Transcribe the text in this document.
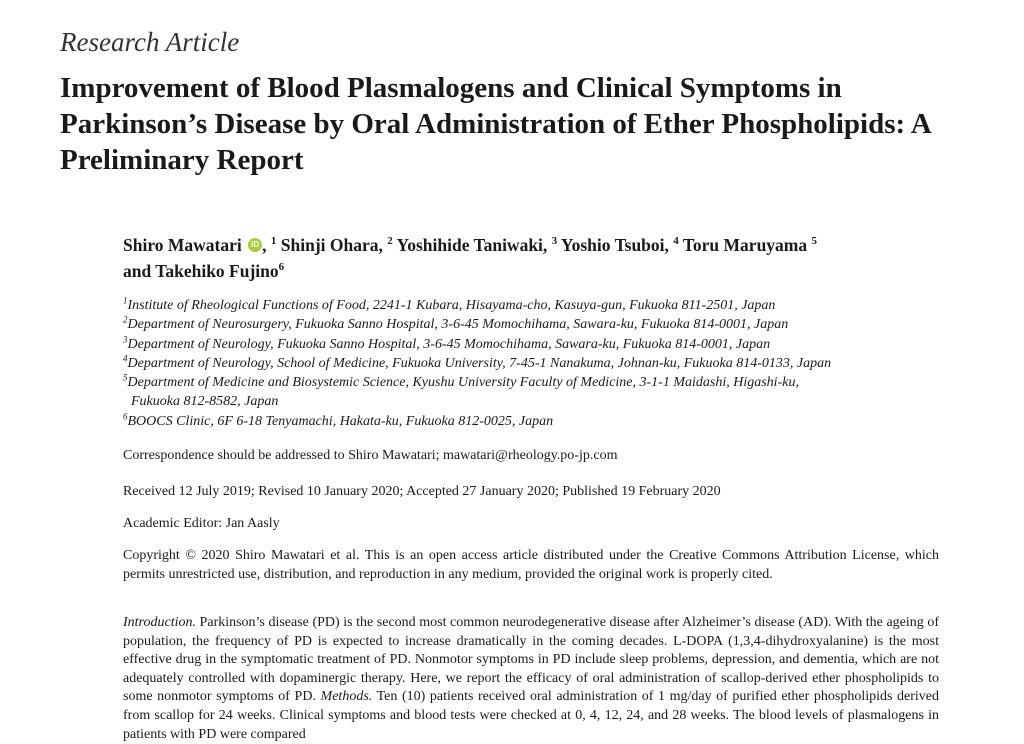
Research Article
Improvement of Blood Plasmalogens and Clinical Symptoms in Parkinson’s Disease by Oral Administration of Ether Phospholipids: A Preliminary Report
Shiro Mawatari iD , $^1$ Shinji Ohara, $^2$ Yoshihide Taniwaki, $^3$ Yoshio Tsuboi, $^4$ Toru Maruyama $^5$
and Takehiko Fujino$^6$
$^1$Institute of Rheological Functions of Food, 2241-1 Kubara, Hisayama-cho, Kasuya-gun, Fukuoka 811-2501, Japan
$^2$Department of Neurosurgery, Fukuoka Sanno Hospital, 3-6-45 Momochihama, Sawara-ku, Fukuoka 814-0001, Japan
$^3$Department of Neurology, Fukuoka Sanno Hospital, 3-6-45 Momochihama, Sawara-ku, Fukuoka 814-0001, Japan
$^4$Department of Neurology, School of Medicine, Fukuoka University, 7-45-1 Nanakuma, Johnan-ku, Fukuoka 814-0133, Japan
$^5$Department of Medicine and Biosystemic Science, Kyushu University Faculty of Medicine, 3-1-1 Maidashi, Higashi-ku,
Fukuoka 812-8582, Japan
$^6$BOOCS Clinic, 6F 6-18 Tenyamachi, Hakata-ku, Fukuoka 812-0025, Japan
Correspondence should be addressed to Shiro Mawatari; mawatari@rheology.po-jp.com
Received 12 July 2019; Revised 10 January 2020; Accepted 27 January 2020; Published 19 February 2020
Academic Editor: Jan Aasly
Copyright © 2020 Shiro Mawatari et al. This is an open access article distributed under the Creative Commons Attribution License, which permits unrestricted use, distribution, and reproduction in any medium, provided the original work is properly cited.
Introduction. Parkinson’s disease (PD) is the second most common neurodegenerative disease after Alzheimer’s disease (AD). With the ageing of population, the frequency of PD is expected to increase dramatically in the coming decades. L-DOPA (1,3,4-dihydroxyalanine) is the most effective drug in the symptomatic treatment of PD. Nonmotor symptoms in PD include sleep problems, depression, and dementia, which are not adequately controlled with dopaminergic therapy. Here, we report the efficacy of oral administration of scallop-derived ether phospholipids to some nonmotor symptoms of PD. Methods. Ten (10) patients received oral administration of 1 mg/day of purified ether phospholipids derived from scallop for 24 weeks. Clinical symptoms and blood tests were checked at 0, 4, 12, 24, and 28 weeks. The blood levels of plasmalogens in patients with PD were compared
